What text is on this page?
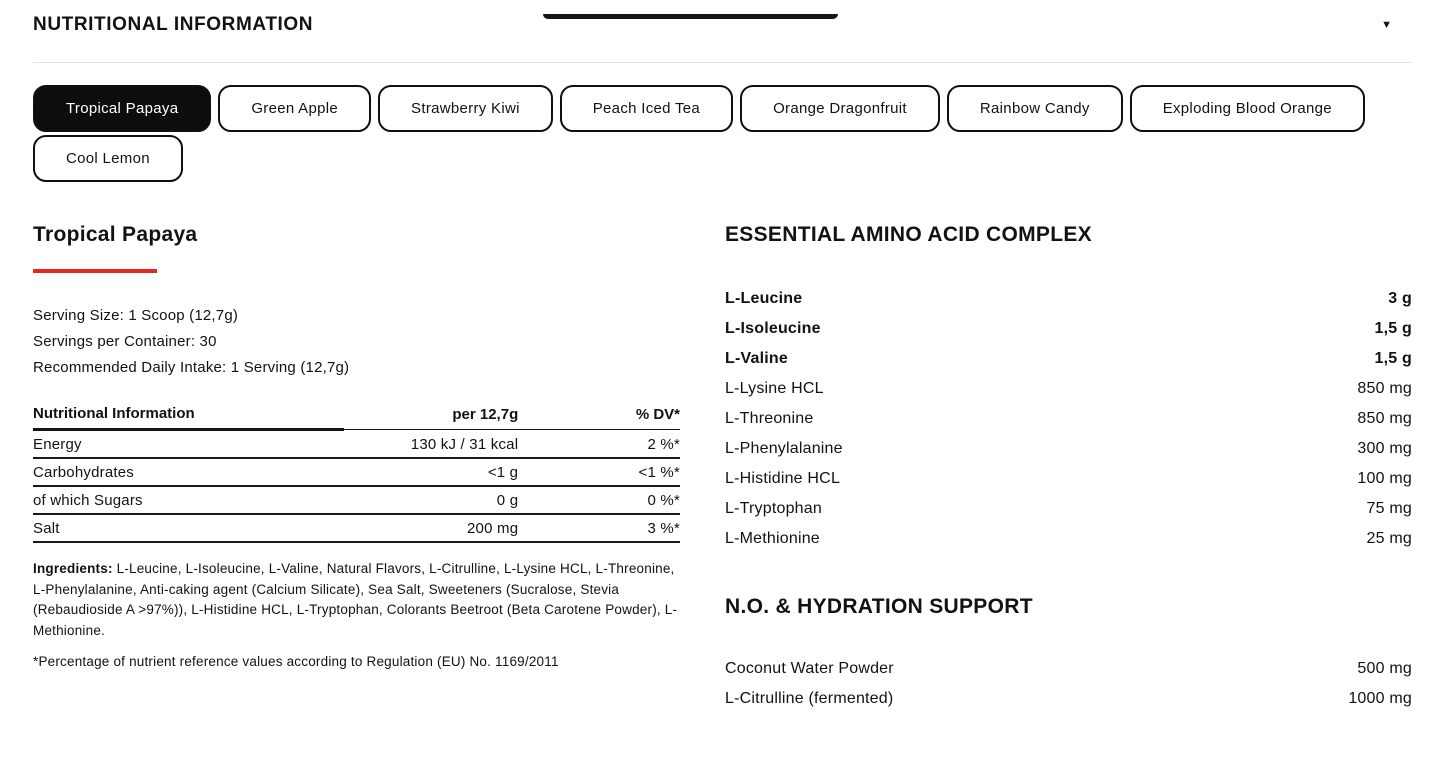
NUTRITIONAL INFORMATION	▼
Tropical Papaya	Green Apple	Strawberry Kiwi	Peach Iced Tea	Orange Dragonfruit	Rainbow Candy	Exploding Blood Orange
Cool Lemon
Tropical Papaya

Serving Size: 1 Scoop (12,7g)

Servings per Container: 30

Recommended Daily Intake: 1 Serving (12,7g)

Nutritional Information	per 12,7g	% DV*
Energy	130 kJ / 31 kcal	2 %*
Carbohydrates	<1 g	<1 %*
of which Sugars	0 g	0 %*
Salt	200 mg	3 %*

Ingredients: L-Leucine, L-Isoleucine, L-Valine, Natural Flavors, L-Citrulline, L-Lysine HCL, L-Threonine, L-Phenylalanine, Anti-caking agent (Calcium Silicate), Sea Salt, Sweeteners (Sucralose, Stevia (Rebaudioside A >97%)), L-Histidine HCL, L-Tryptophan, Colorants Beetroot (Beta Carotene Powder), L-Methionine.

*Percentage of nutrient reference values according to Regulation (EU) No. 1169/2011

ESSENTIAL AMINO ACID COMPLEX
L-Leucine	3 g
L-Isoleucine	1,5 g
L-Valine	1,5 g
L-Lysine HCL	850 mg
L-Threonine	850 mg
L-Phenylalanine	300 mg
L-Histidine HCL	100 mg
L-Tryptophan	75 mg
L-Methionine	25 mg
N.O. & HYDRATION SUPPORT
Coconut Water Powder	500 mg
L-Citrulline (fermented)	1000 mg
